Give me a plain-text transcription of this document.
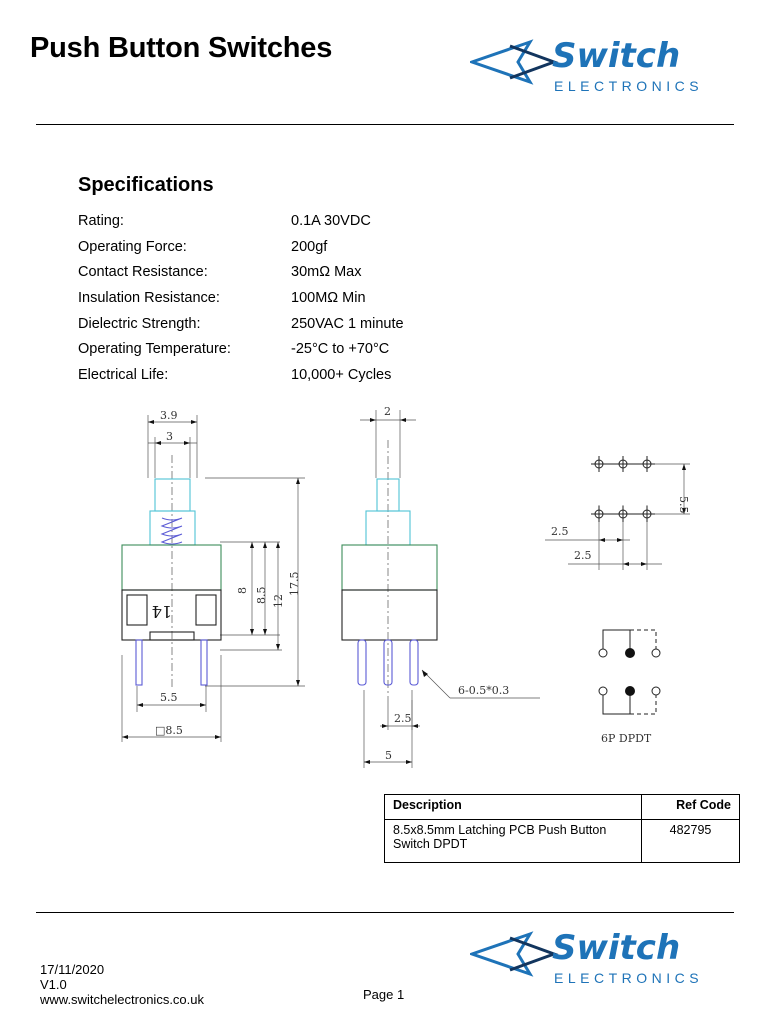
Push Button Switches	Switch
ELECTRONICS
Specifications
Rating:	0.1A 30VDC
Operating Force:	200gf
Contact Resistance:	30mΩ Max
Insulation Resistance:	100MΩ Min
Dielectric Strength:	250VAC 1 minute
Operating Temperature:	-25°C to +70°C
Electrical Life:	10,000+ Cycles
3.9
3
8 8.5 12
17.5
5.5
□8.5
14
2
6-0.5*0.3
2.5
5
5.5
2.5
2.5
6P DPDT
Description	Ref Code
8.5x8.5mm Latching PCB Push Button Switch DPDT	482795
Switch
ELECTRONICS
17/11/2020
V1.0
www.switchelectronics.co.uk	Page 1
